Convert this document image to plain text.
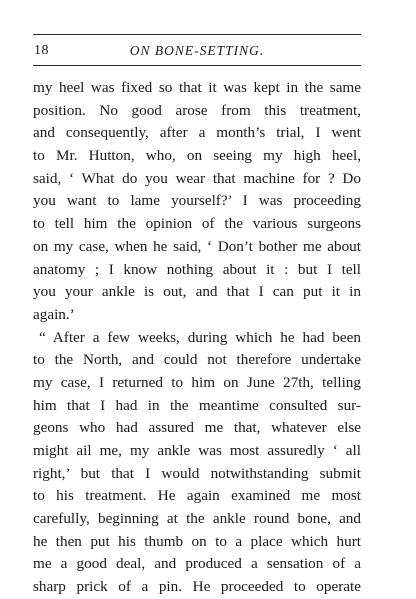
18	ON BONE-SETTING.
my heel was fixed so that it was kept in the same
position. No good arose from this treatment,
and consequently, after a month’s trial, I went
to Mr. Hutton, who, on seeing my high heel,
said, ‘ What do you wear that machine for ? Do
you want to lame yourself?’ I was proceeding
to tell him the opinion of the various surgeons
on my case, when he said, ‘ Don’t bother me about
anatomy ; I know nothing about it : but I tell
you your ankle is out, and that I can put it in
again.’
“ After a few weeks, during which he had been
to the North, and could not therefore undertake
my case, I returned to him on June 27th, telling
him that I had in the meantime consulted sur-
geons who had assured me that, whatever else
might ail me, my ankle was most assuredly ‘ all
right,’ but that I would notwithstanding submit
to his treatment. He again examined me most
carefully, beginning at the ankle round bone, and
he then put his thumb on to a place which hurt
me a good deal, and produced a sensation of a
sharp prick of a pin. He proceeded to operate
